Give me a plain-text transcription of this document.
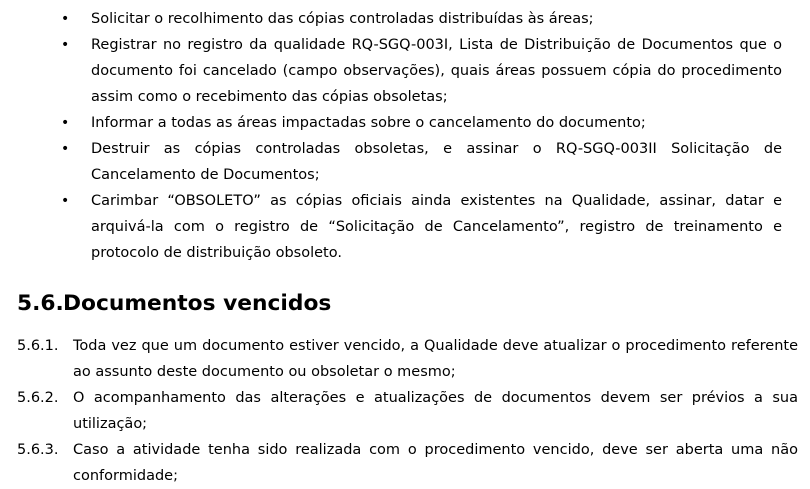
• Solicitar o recolhimento das cópias controladas distribuídas às áreas;
• Registrar no registro da qualidade RQ-SGQ-003I, Lista de Distribuição de Documentos que o documento foi cancelado (campo observações), quais áreas possuem cópia do procedimento assim como o recebimento das cópias obsoletas;
• Informar a todas as áreas impactadas sobre o cancelamento do documento;
• Destruir as cópias controladas obsoletas, e assinar o RQ-SGQ-003II Solicitação de Cancelamento de Documentos;
• Carimbar “OBSOLETO” as cópias oficiais ainda existentes na Qualidade, assinar, datar e arquivá-la com o registro de “Solicitação de Cancelamento”, registro de treinamento e protocolo de distribuição obsoleto.
5.6.Documentos vencidos
5.6.1. Toda vez que um documento estiver vencido, a Qualidade deve atualizar o procedimento referente ao assunto deste documento ou obsoletar o mesmo;
5.6.2. O acompanhamento das alterações e atualizações de documentos devem ser prévios a sua utilização;
5.6.3. Caso a atividade tenha sido realizada com o procedimento vencido, deve ser aberta uma não conformidade;
